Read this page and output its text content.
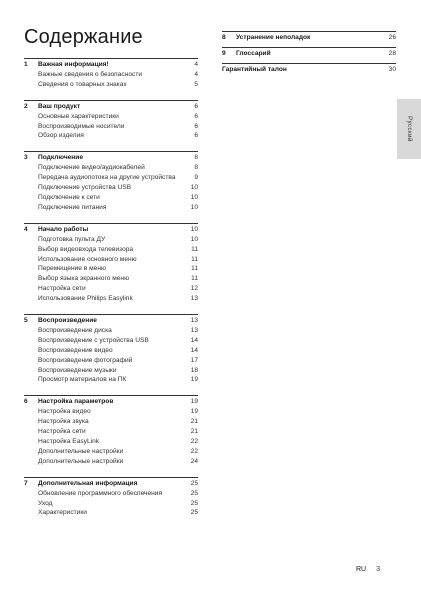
Содержание
1	Важная информация!	4
Важные сведения о безопасности	4
Сведения о товарных знаках	5
2	Ваш продукт	6
Основные характеристики	6
Воспроизводимые носители	6
Обзор изделия	6
3	Подключение	8
Подключение видео/аудиокабелей	8
Передача аудиопотока на другие устройства	9
Подключение устройства USB	10
Подключение к сети	10
Подключение питания	10
4	Начало работы	10
Подготовка пульта ДУ	10
Выбор видеовхода телевизора	11
Использование основного меню	11
Перемещение в меню	11
Выбор языка экранного меню	11
Настройка сети	12
Использование Philips Easylink	13
5	Воспроизведение	13
Воспроизведение диска	13
Воспроизведение с устройства USB	14
Воспроизведение видео	14
Воспроизведение фотографий	17
Воспроизведение музыки	18
Просмотр материалов на ПК	19
6	Настройка параметров	19
Настройка видео	19
Настройка звука	21
Настройка сети	21
Настройка EasyLink	22
Дополнительные настройки	22
Дополнительные настройки	24
7	Дополнительная информация	25
Обновление программного обеспечения	25
Уход	25
Характеристики	25
8	Устранение неполадок	26
9	Глоссарий	28
Гарантийный талон	30
Русский
RU 3
